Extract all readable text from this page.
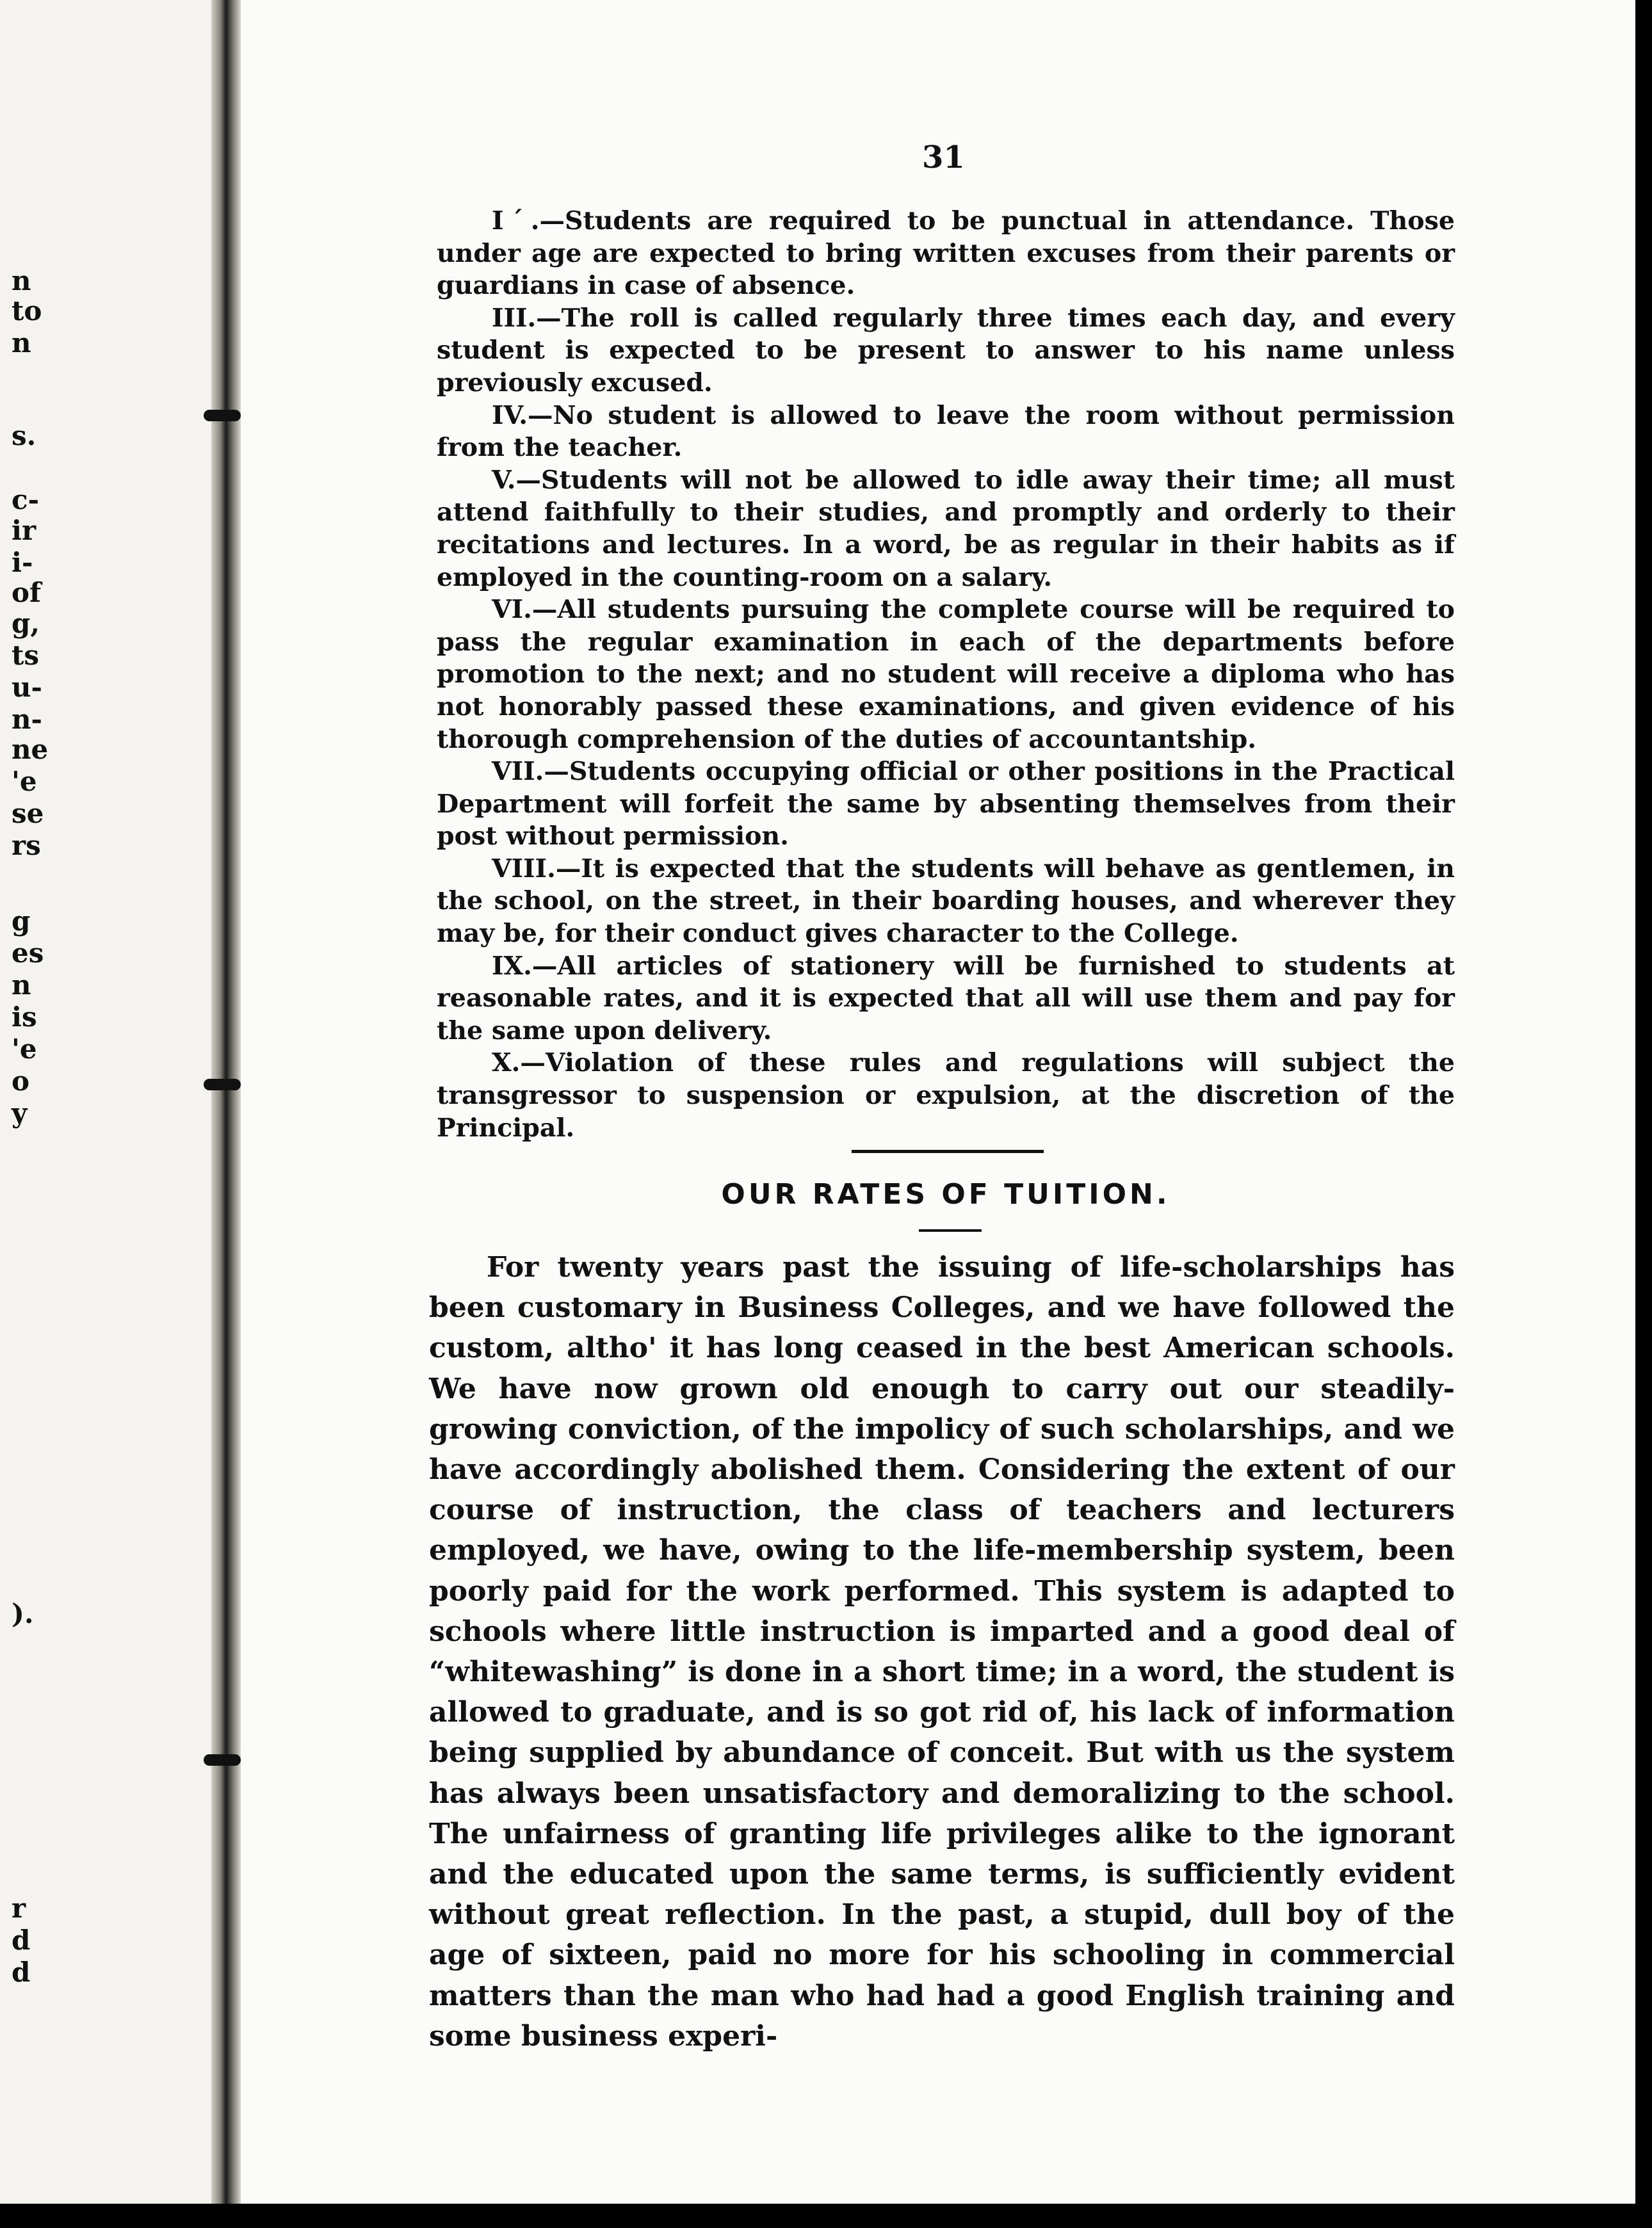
n
to
n
s.
c-
ir
i-
of
g,
ts
u-
n-
ne
'e
se
rs
g
es
n
is
'e
o
y
).
r
d
d
31

Iˊ.—Students are required to be punctual in attendance. Those under age are expected to bring written excuses from their parents or guardians in case of absence.

III.—The roll is called regularly three times each day, and every student is expected to be present to answer to his name unless previously excused.

IV.—No student is allowed to leave the room without permission from the teacher.

V.—Students will not be allowed to idle away their time; all must attend faithfully to their studies, and promptly and orderly to their recitations and lectures. In a word, be as regular in their habits as if employed in the counting-room on a salary.

VI.—All students pursuing the complete course will be required to pass the regular examination in each of the departments before promotion to the next; and no student will receive a diploma who has not honorably passed these examinations, and given evidence of his thorough comprehension of the duties of accountantship.

VII.—Students occupying official or other positions in the Practical Department will forfeit the same by absenting themselves from their post without permission.

VIII.—It is expected that the students will behave as gentlemen, in the school, on the street, in their boarding houses, and wherever they may be, for their conduct gives character to the College.

IX.—All articles of stationery will be furnished to students at reasonable rates, and it is expected that all will use them and pay for the same upon delivery.

X.—Violation of these rules and regulations will subject the transgressor to suspension or expulsion, at the discretion of the Principal.

OUR RATES OF TUITION.

For twenty years past the issuing of life-scholarships has been customary in Business Colleges, and we have followed the custom, altho' it has long ceased in the best American schools. We have now grown old enough to carry out our steadily-growing conviction, of the impolicy of such scholarships, and we have accordingly abolished them. Considering the extent of our course of instruction, the class of teachers and lecturers employed, we have, owing to the life-membership system, been poorly paid for the work performed. This system is adapted to schools where little instruction is imparted and a good deal of “whitewashing” is done in a short time; in a word, the student is allowed to graduate, and is so got rid of, his lack of information being supplied by abundance of conceit. But with us the system has always been unsatisfactory and demoralizing to the school. The unfairness of granting life privileges alike to the ignorant and the educated upon the same terms, is sufficiently evident without great reflection. In the past, a stupid, dull boy of the age of sixteen, paid no more for his schooling in commercial matters than the man who had had a good English training and some business experi-
